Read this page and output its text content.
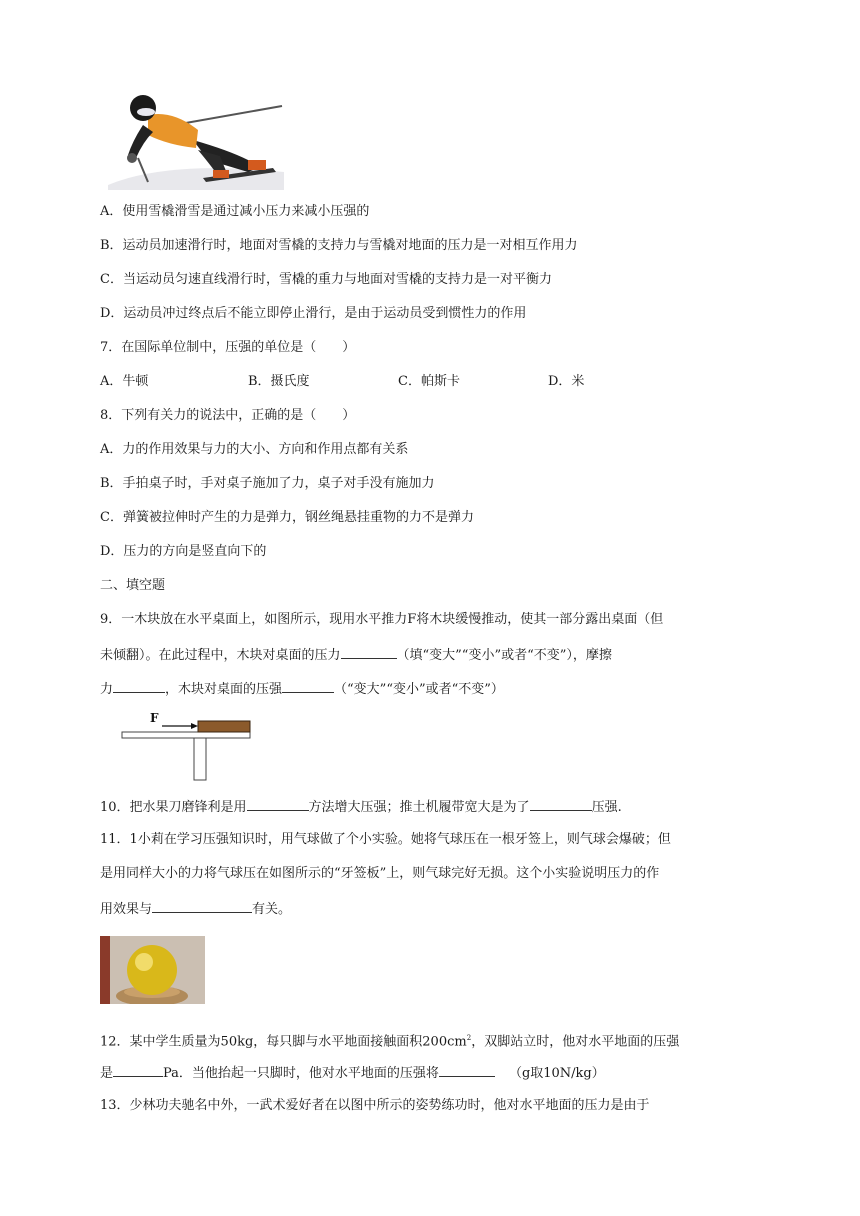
A．使用雪橇滑雪是通过减小压力来减小压强的
B．运动员加速滑行时，地面对雪橇的支持力与雪橇对地面的压力是一对相互作用力
C．当运动员匀速直线滑行时，雪橇的重力与地面对雪橇的支持力是一对平衡力
D．运动员冲过终点后不能立即停止滑行，是由于运动员受到惯性力的作用
7．在国际单位制中，压强的单位是（　　）
A．牛顿	B．摄氏度	C．帕斯卡	D．米
8．下列有关力的说法中，正确的是（　　）
A．力的作用效果与力的大小、方向和作用点都有关系
B．手拍桌子时，手对桌子施加了力，桌子对手没有施加力
C．弹簧被拉伸时产生的力是弹力，钢丝绳悬挂重物的力不是弹力
D．压力的方向是竖直向下的
二、填空题
9．一木块放在水平桌面上，如图所示，现用水平推力F将木块缓慢推动，使其一部分露出桌面（但
未倾翻）。在此过程中，木块对桌面的压力	（填“变大”“变小”或者“不变”），摩擦
力	，木块对桌面的压强	（“变大”“变小”或者“不变”）
F
10．把水果刀磨锋利是用	方法增大压强；推土机履带宽大是为了	压强.
11．1小莉在学习压强知识时，用气球做了个小实验。她将气球压在一根牙签上，则气球会爆破；但
是用同样大小的力将气球压在如图所示的“牙签板”上，则气球完好无损。这个小实验说明压力的作
用效果与	有关。
12．某中学生质量为50kg，每只脚与水平地面接触面积$200cm^2$，双脚站立时，他对水平地面的压强
是	Pa．当他抬起一只脚时，他对水平地面的压强将	（g取10N/kg）
13．少林功夫驰名中外，一武术爱好者在以图中所示的姿势练功时，他对水平地面的压力是由于
